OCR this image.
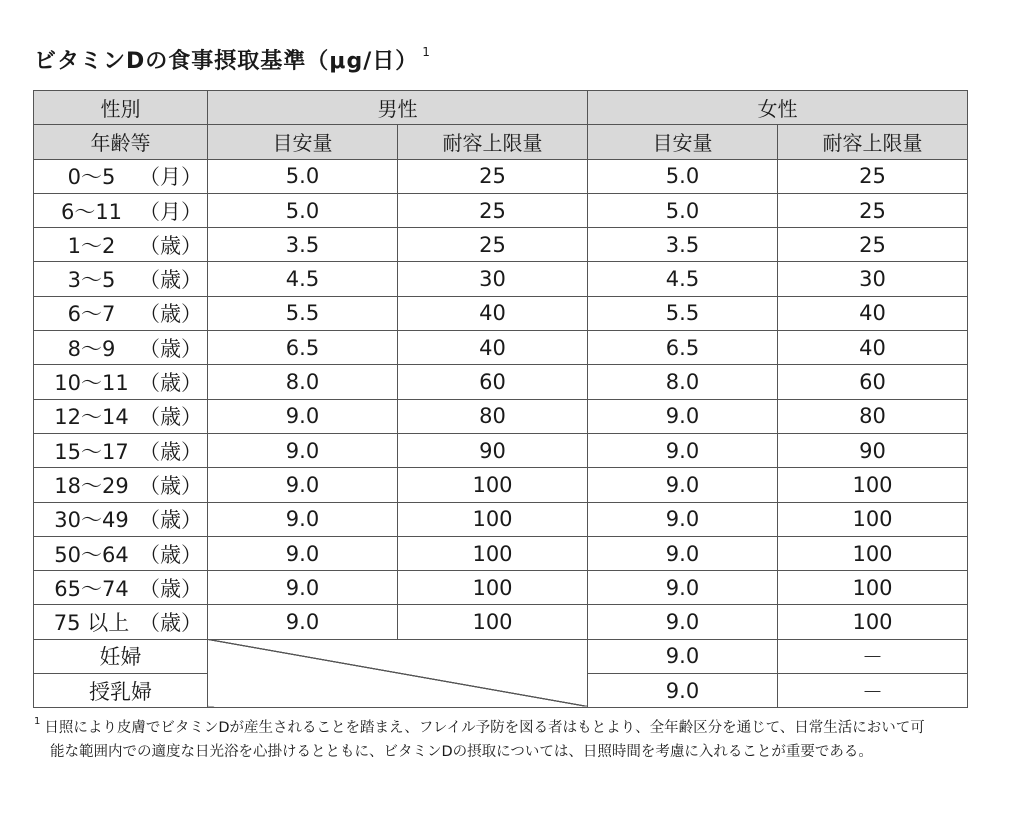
ビタミンDの食事摂取基準（μg/日） $^1$
性別	男性		女性	
年齢等	目安量	耐容上限量	目安量	耐容上限量
0～5 （月）	5.0	25	5.0	25
6～11 （月）	5.0	25	5.0	25
1～2 （歳）	3.5	25	3.5	25
3～5 （歳）	4.5	30	4.5	30
6～7 （歳）	5.5	40	5.5	40
8～9 （歳）	6.5	40	6.5	40
10～11 （歳）	8.0	60	8.0	60
12～14 （歳）	9.0	80	9.0	80
15～17 （歳）	9.0	90	9.0	90
18～29 （歳）	9.0	100	9.0	100
30～49 （歳）	9.0	100	9.0	100
50～64 （歳）	9.0	100	9.0	100
65～74 （歳）	9.0	100	9.0	100
75 以上 （歳）	9.0	100	9.0	100
妊婦			9.0	－
授乳婦			9.0	－
$^1$ 日照により皮膚でビタミンDが産生されることを踏まえ、フレイル予防を図る者はもとより、全年齢区分を通じて、日常生活において可
能な範囲内での適度な日光浴を心掛けるとともに、ビタミンDの摂取については、日照時間を考慮に入れることが重要である。
